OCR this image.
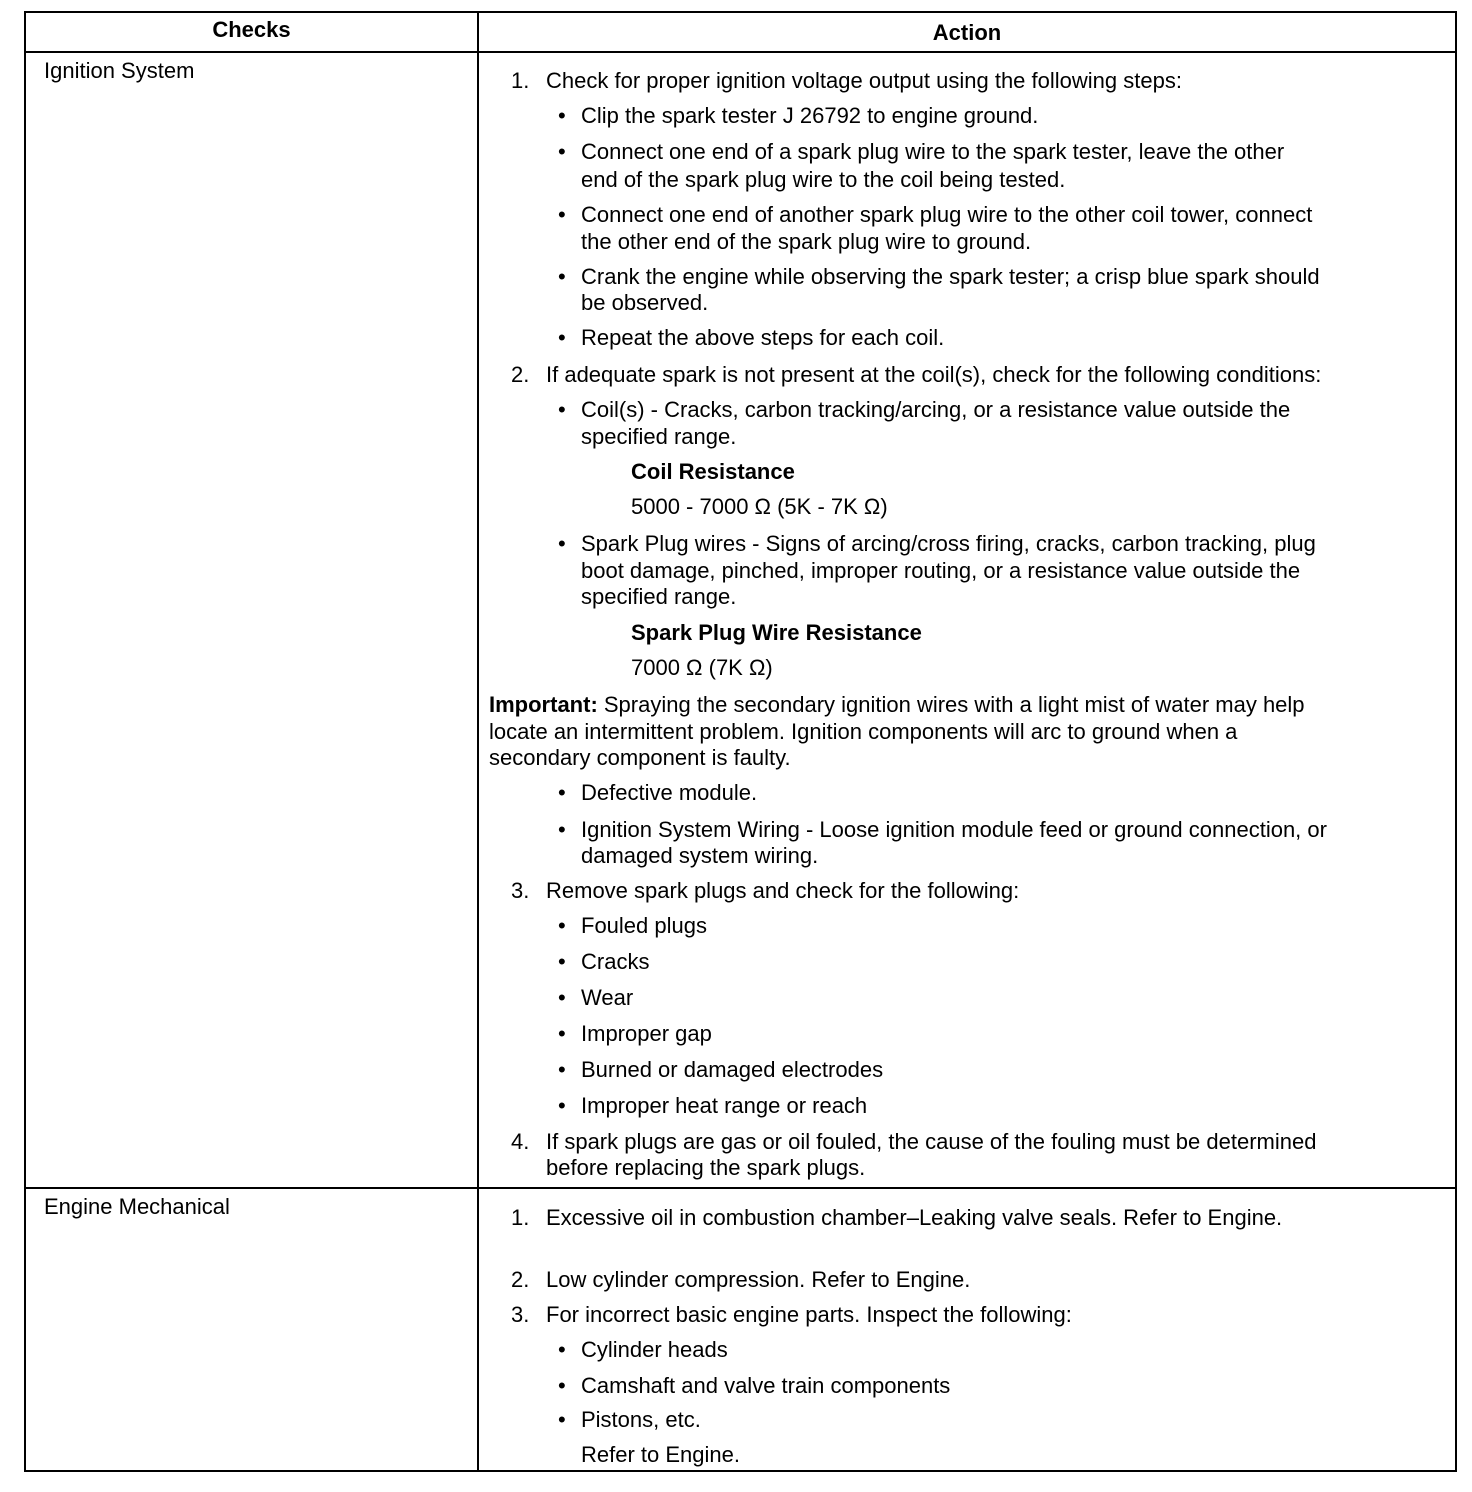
Checks	Action
Ignition System
Engine Mechanical
1. Check for proper ignition voltage output using the following steps:
• Clip the spark tester J 26792 to engine ground.
• Connect one end of a spark plug wire to the spark tester, leave the other
end of the spark plug wire to the coil being tested.
• Connect one end of another spark plug wire to the other coil tower, connect
the other end of the spark plug wire to ground.
• Crank the engine while observing the spark tester; a crisp blue spark should
be observed.
• Repeat the above steps for each coil.
2. If adequate spark is not present at the coil(s), check for the following conditions:
• Coil(s) - Cracks, carbon tracking/arcing, or a resistance value outside the
specified range.
Coil Resistance
5000 - 7000 Ω (5K - 7K Ω)
• Spark Plug wires - Signs of arcing/cross firing, cracks, carbon tracking, plug
boot damage, pinched, improper routing, or a resistance value outside the
specified range.
Spark Plug Wire Resistance
7000 Ω (7K Ω)
Important: Spraying the secondary ignition wires with a light mist of water may help
locate an intermittent problem. Ignition components will arc to ground when a
secondary component is faulty.
• Defective module.
• Ignition System Wiring - Loose ignition module feed or ground connection, or
damaged system wiring.
3. Remove spark plugs and check for the following:
• Fouled plugs
• Cracks
• Wear
• Improper gap
• Burned or damaged electrodes
• Improper heat range or reach
4. If spark plugs are gas or oil fouled, the cause of the fouling must be determined
before replacing the spark plugs.
1. Excessive oil in combustion chamber–Leaking valve seals. Refer to Engine.
2. Low cylinder compression. Refer to Engine.
3. For incorrect basic engine parts. Inspect the following:
• Cylinder heads
• Camshaft and valve train components
• Pistons, etc.
Refer to Engine.
